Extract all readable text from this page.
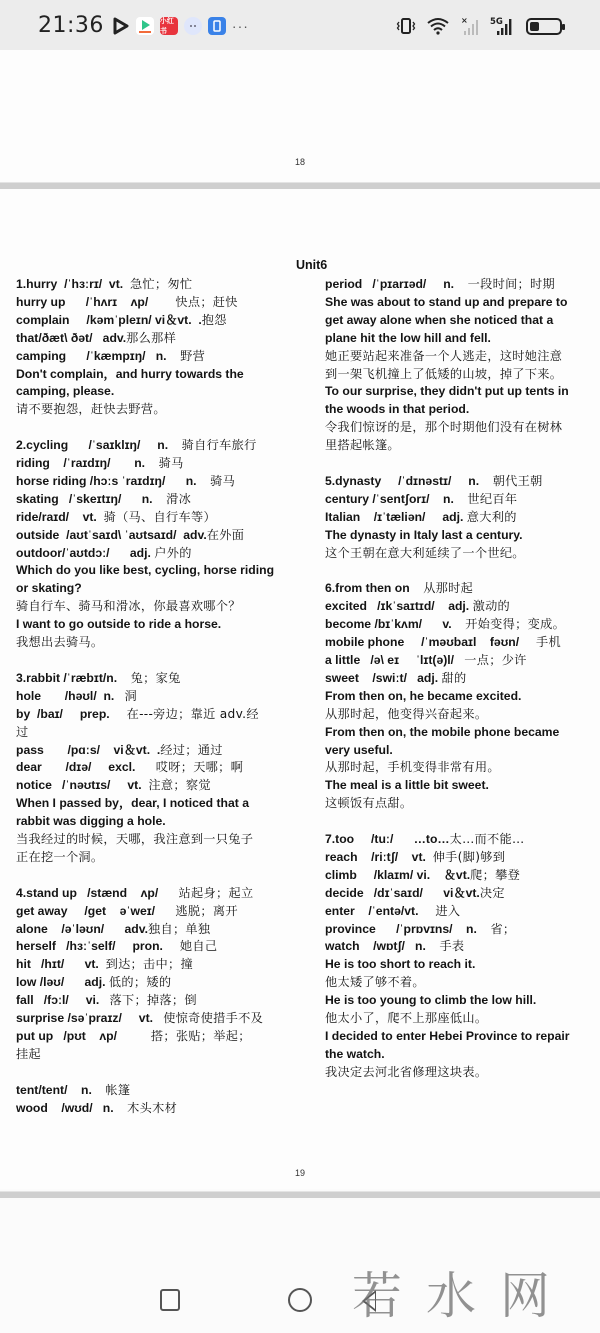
21:36	小红书	···	×	5G
18
Unit6
1.hurry  /ˈhɜːrɪ/  vt.  急忙；匆忙
hurry up      /ˈhʌrɪ    ʌp/        快点；赶快
complain     /kəmˈpleɪn/ vi＆vt.  .抱怨
that/ðæt\ ðət/   adv.那么那样
camping      /ˈkæmpɪŋ/   n.    野营
Don't complain，and hurry towards the
camping, please.
请不要抱怨，赶快去野营。
2.cycling      /ˈsaɪklɪŋ/     n.    骑自行车旅行
riding    /ˈraɪdɪŋ/       n.    骑马
horse riding /hɔːs ˈraɪdɪŋ/      n.    骑马
skating   /ˈskeɪtɪŋ/      n.    滑冰
ride/raɪd/    vt.  骑（马、自行车等）
outside  /aʊtˈsaɪd\ ˈaʊtsaɪd/  adv.在外面
outdoor/ˈaʊtdɔː/      adj. 户外的
Which do you like best, cycling, horse riding
or skating?
骑自行车、骑马和滑冰，你最喜欢哪个？
I want to go outside to ride a horse.
我想出去骑马。
3.rabbit /ˈræbɪt/n.    兔；家兔
hole       /həʊl/  n.   洞
by  /baɪ/     prep.     在---旁边；靠近 adv.经
过
pass       /pɑːs/    vi＆vt.  .经过；通过
dear       /dɪə/     excl.      哎呀；天哪；啊
notice   /ˈnəʊtɪs/     vt.  注意；察觉
When I passed by，dear, I noticed that a
rabbit was digging a hole.
当我经过的时候，天哪，我注意到一只兔子
正在挖一个洞。
4.stand up   /stænd    ʌp/      站起身；起立
get away     /get    əˈweɪ/      逃脱；离开
alone    /əˈləʊn/      adv.独自；单独
herself   /hɜːˈself/     pron.     她自己
hit   /hɪt/      vt.  到达；击中；撞
low /ləʊ/      adj. 低的；矮的
fall   /fɔːl/     vi.   落下；掉落；倒
surprise /səˈpraɪz/     vt.   使惊奇使措手不及
put up   /pʊt    ʌp/          搭；张贴；举起；
挂起
tent/tent/    n.    帐篷
wood    /wʊd/   n.    木头木材
period   /ˈpɪarɪəd/     n.    一段时间；时期
She was about to stand up and prepare to
get away alone when she noticed that a
plane hit the low hill and fell.
她正要站起来准备一个人逃走，这时她注意
到一架飞机撞上了低矮的山坡，掉了下来。
To our surprise, they didn't put up tents in
the woods in that period.
令我们惊讶的是，那个时期他们没有在树林
里搭起帐篷。
5.dynasty     /ˈdɪnəstɪ/     n.    朝代王朝
century /ˈsentʃorɪ/    n.    世纪百年
Italian    /ɪˈtæliən/     adj. 意大利的
The dynasty in Italy last a century.
这个王朝在意大利延续了一个世纪。
6.from then on    从那时起
excited   /ɪkˈsaɪtɪd/    adj. 激动的
become /bɪˈkʌm/      v.    开始变得；变成。
mobile phone     /ˈməʊbaɪl    fəʊn/     手机
a little   /ə\ eɪ     ˈlɪt(ə)l/   一点；少许
sweet    /swiːt/   adj. 甜的
From then on, he became excited.
从那时起，他变得兴奋起来。
From then on, the mobile phone became
very useful.
从那时起，手机变得非常有用。
The meal is a little bit sweet.
这顿饭有点甜。
7.too     /tuː/      …to…太…而不能…
reach    /riːtʃ/    vt.  伸手(脚)够到
climb     /klaɪm/ vi.    ＆vt.爬；攀登
decide   /dɪˈsaɪd/      vi＆vt.决定
enter    /ˈentə/vt.     进入
province      /ˈprɒvɪns/    n.    省；
watch    /wɒtʃ/   n.    手表
He is too short to reach it.
他太矮了够不着。
He is too young to climb the low hill.
他太小了，爬不上那座低山。
I decided to enter Hebei Province to repair
the watch.
我决定去河北省修理这块表。
19
若 水 网
